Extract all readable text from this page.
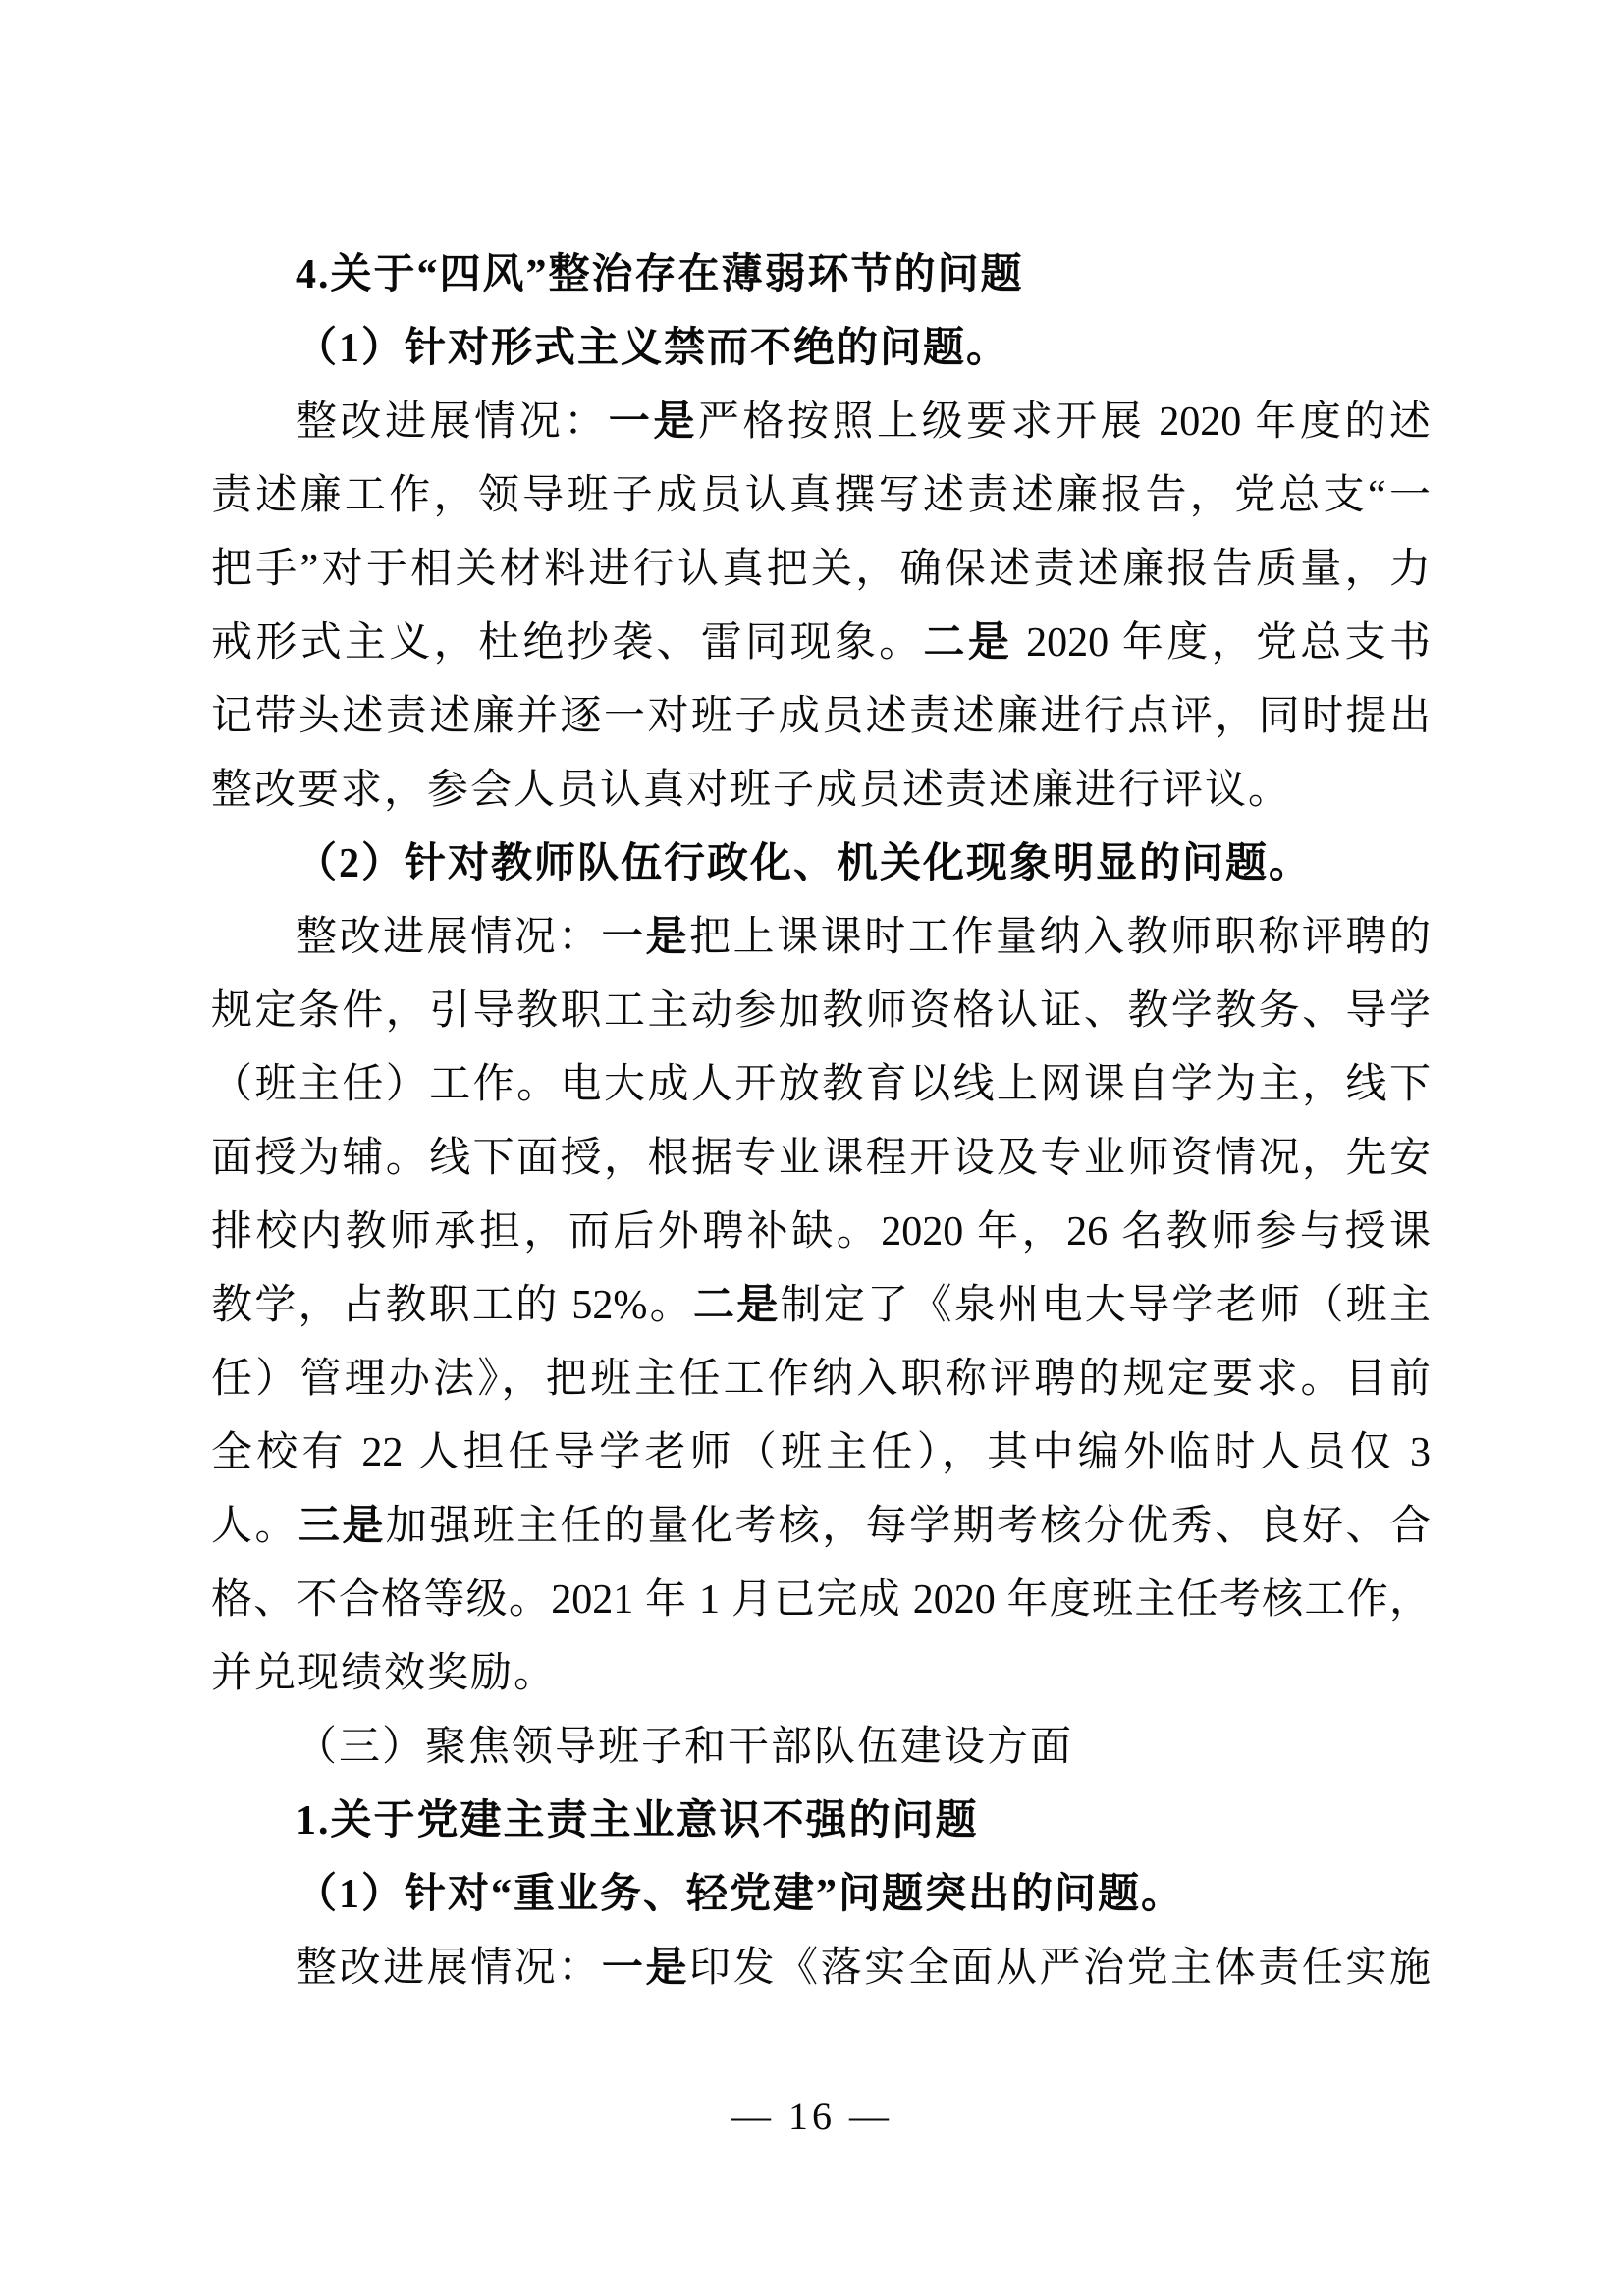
4.关于“四风”整治存在薄弱环节的问题
（1）针对形式主义禁而不绝的问题。
整改进展情况：一是严格按照上级要求开展 2020 年度的述
责述廉工作，领导班子成员认真撰写述责述廉报告，党总支“一
把手”对于相关材料进行认真把关，确保述责述廉报告质量，力
戒形式主义，杜绝抄袭、雷同现象。二是 2020 年度，党总支书
记带头述责述廉并逐一对班子成员述责述廉进行点评，同时提出
整改要求，参会人员认真对班子成员述责述廉进行评议。
（2）针对教师队伍行政化、机关化现象明显的问题。
整改进展情况：一是把上课课时工作量纳入教师职称评聘的
规定条件，引导教职工主动参加教师资格认证、教学教务、导学
（班主任）工作。电大成人开放教育以线上网课自学为主，线下
面授为辅。线下面授，根据专业课程开设及专业师资情况，先安
排校内教师承担，而后外聘补缺。2020 年，26 名教师参与授课
教学，占教职工的 52%。二是制定了《泉州电大导学老师（班主
任）管理办法》，把班主任工作纳入职称评聘的规定要求。目前
全校有 22 人担任导学老师（班主任），其中编外临时人员仅 3
人。三是加强班主任的量化考核，每学期考核分优秀、良好、合
格、不合格等级。2021 年 1 月已完成 2020 年度班主任考核工作，
并兑现绩效奖励。
（三）聚焦领导班子和干部队伍建设方面
1.关于党建主责主业意识不强的问题
（1）针对“重业务、轻党建”问题突出的问题。
整改进展情况：一是印发《落实全面从严治党主体责任实施
— 16 —
